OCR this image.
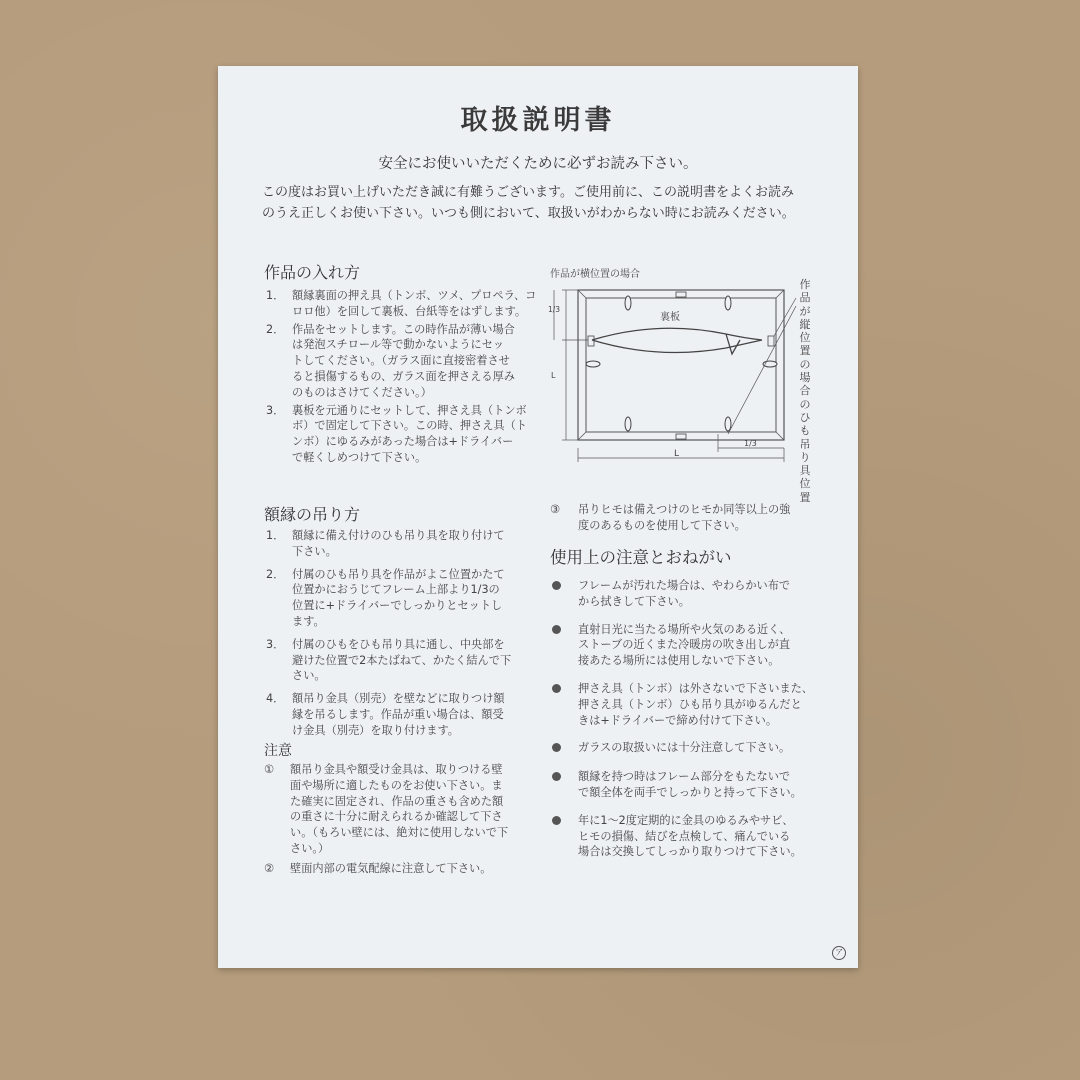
取扱説明書
安全にお使いいただくために必ずお読み下さい。
この度はお買い上げいただき誠に有難うございます。ご使用前に、この説明書をよくお読み
のうえ正しくお使い下さい。いつも側において、取扱いがわからない時にお読みください。
作品の入れ方
1． 額縁裏面の押え具（トンボ、ツメ、プロペラ、コ
ロロ他）を回して裏板、台紙等をはずします。
2． 作品をセットします。この時作品が薄い場合
は発泡スチロール等で動かないようにセッ
トしてください。（ガラス面に直接密着させ
ると損傷するもの、ガラス面を押さえる厚み
のものはさけてください。）
3． 裏板を元通りにセットして、押さえ具（トンボ
ボ）で固定して下さい。この時、押さえ具（ト
ンボ）にゆるみがあった場合は+ドライバー
で軽くしめつけて下さい。
作品が横位置の場合
裏板
1/3
L
1/3
L
作品が縦位置の場合のひも吊り具位置
額縁の吊り方
1． 額縁に備え付けのひも吊り具を取り付けて
下さい。
2． 付属のひも吊り具を作品がよこ位置かたて
位置かにおうじてフレーム上部より1/3の
位置に+ドライバーでしっかりとセットし
ます。
3． 付属のひもをひも吊り具に通し、中央部を
避けた位置で2本たばねて、かたく結んで下
さい。
4． 額吊り金具（別売）を壁などに取りつけ額
縁を吊るします。作品が重い場合は、額受
け金具（別売）を取り付けます。
注意
①	額吊り金具や額受け金具は、取りつける壁
面や場所に適したものをお使い下さい。ま
た確実に固定され、作品の重さも含めた額
の重さに十分に耐えられるか確認して下さ
い。（もろい壁には、絶対に使用しないで下
さい。）
②	壁面内部の電気配線に注意して下さい。
③	吊りヒモは備えつけのヒモか同等以上の強
度のあるものを使用して下さい。
使用上の注意とおねがい
フレームが汚れた場合は、やわらかい布で
から拭きして下さい。
直射日光に当たる場所や火気のある近く、
ストーブの近くまた冷暖房の吹き出しが直
接あたる場所には使用しないで下さい。
押さえ具（トンボ）は外さないで下さいまた、
押さえ具（トンボ）ひも吊り具がゆるんだと
きは+ドライバーで締め付けて下さい。
ガラスの取扱いには十分注意して下さい。
額縁を持つ時はフレーム部分をもたないで
で額全体を両手でしっかりと持って下さい。
年に1〜2度定期的に金具のゆるみやサビ、
ヒモの損傷、結びを点検して、痛んでいる
場合は交換してしっかり取りつけて下さい。
ア
